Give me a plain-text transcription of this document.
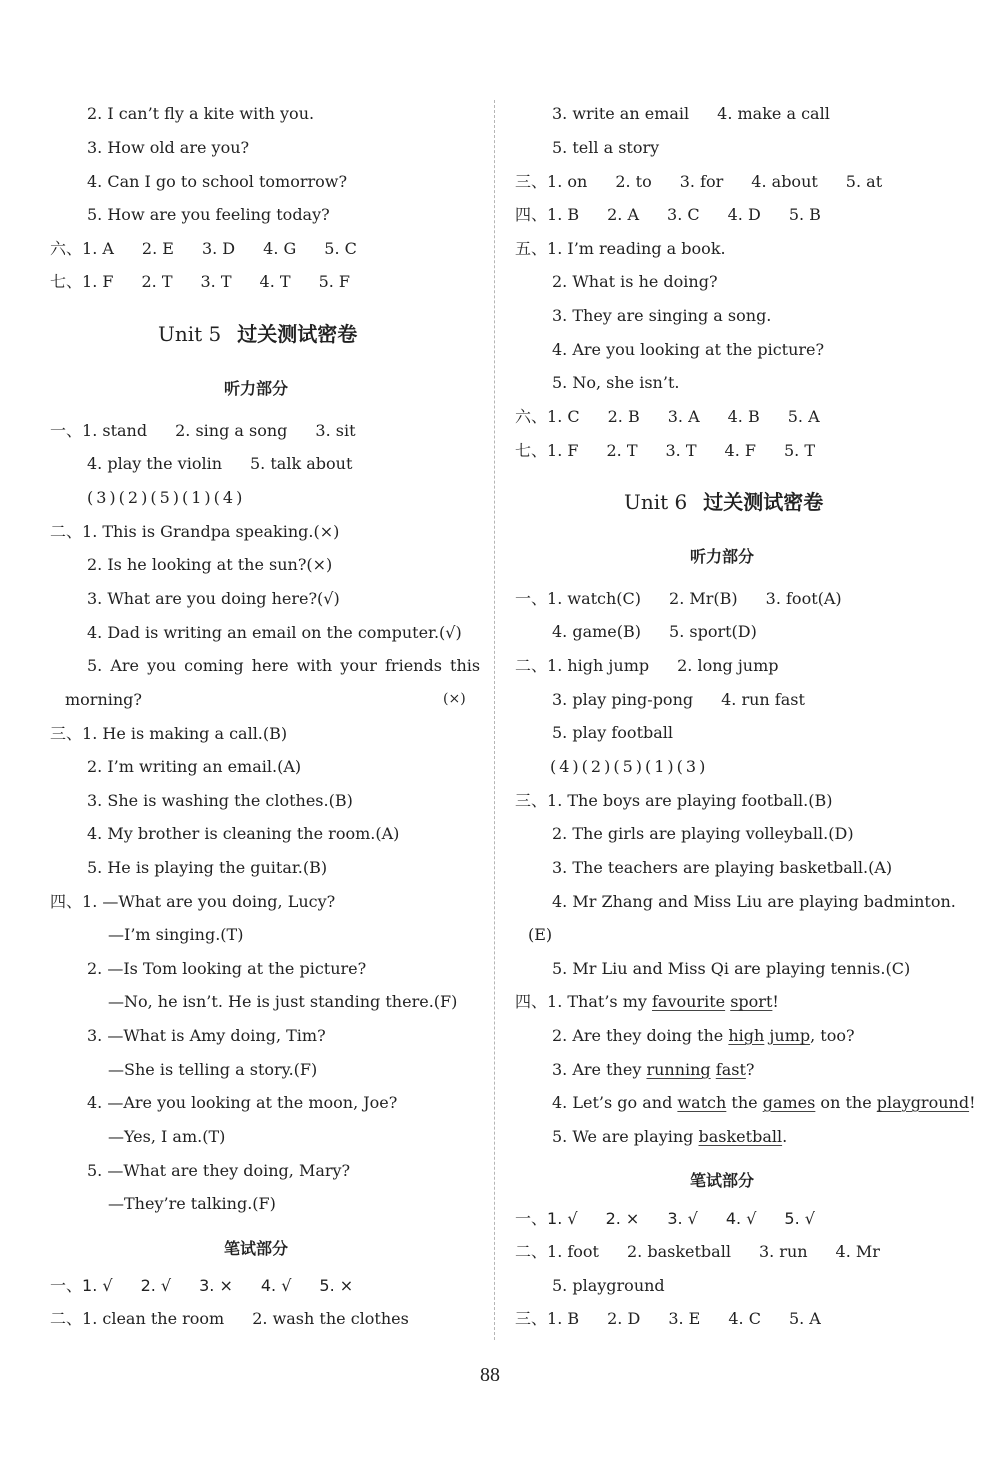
2. I can’t fly a kite with you.
3. How old are you?
4. Can I go to school tomorrow?
5. How are you feeling today?
六、1. A 2. E 3. D 4. G 5. C
七、1. F 2. T 3. T 4. T 5. F
Unit 5 过关测试密卷
听力部分
一、1. stand 2. sing a song 3. sit
4. play the violin 5. talk about
(3)(2)(5)(1)(4)
二、1. This is Grandpa speaking.(×)
2. Is he looking at the sun?(×)
3. What are you doing here?(√)
4. Dad is writing an email on the computer.(√)
5. Are you coming here with your friends this
morning?	(×)
三、1. He is making a call.(B)
2. I’m writing an email.(A)
3. She is washing the clothes.(B)
4. My brother is cleaning the room.(A)
5. He is playing the guitar.(B)
四、1. —What are you doing, Lucy?
—I’m singing.(T)
2. —Is Tom looking at the picture?
—No, he isn’t. He is just standing there.(F)
3. —What is Amy doing, Tim?
—She is telling a story.(F)
4. —Are you looking at the moon, Joe?
—Yes, I am.(T)
5. —What are they doing, Mary?
—They’re talking.(F)
笔试部分
一、1. √ 2. √ 3. × 4. √ 5. ×
二、1. clean the room 2. wash the clothes
3. write an email 4. make a call
5. tell a story
三、1. on 2. to 3. for 4. about 5. at
四、1. B 2. A 3. C 4. D 5. B
五、1. I’m reading a book.
2. What is he doing?
3. They are singing a song.
4. Are you looking at the picture?
5. No, she isn’t.
六、1. C 2. B 3. A 4. B 5. A
七、1. F 2. T 3. T 4. F 5. T
Unit 6 过关测试密卷
听力部分
一、1. watch(C) 2. Mr(B) 3. foot(A)
4. game(B) 5. sport(D)
二、1. high jump 2. long jump
3. play ping-pong 4. run fast
5. play football
(4)(2)(5)(1)(3)
三、1. The boys are playing football.(B)
2. The girls are playing volleyball.(D)
3. The teachers are playing basketball.(A)
4. Mr Zhang and Miss Liu are playing badminton.
(E)
5. Mr Liu and Miss Qi are playing tennis.(C)
四、1. That’s my favourite sport!
2. Are they doing the high jump, too?
3. Are they running fast?
4. Let’s go and watch the games on the playground!
5. We are playing basketball.
笔试部分
一、1. √ 2. × 3. √ 4. √ 5. √
二、1. foot 2. basketball 3. run 4. Mr
5. playground
三、1. B 2. D 3. E 4. C 5. A
88
